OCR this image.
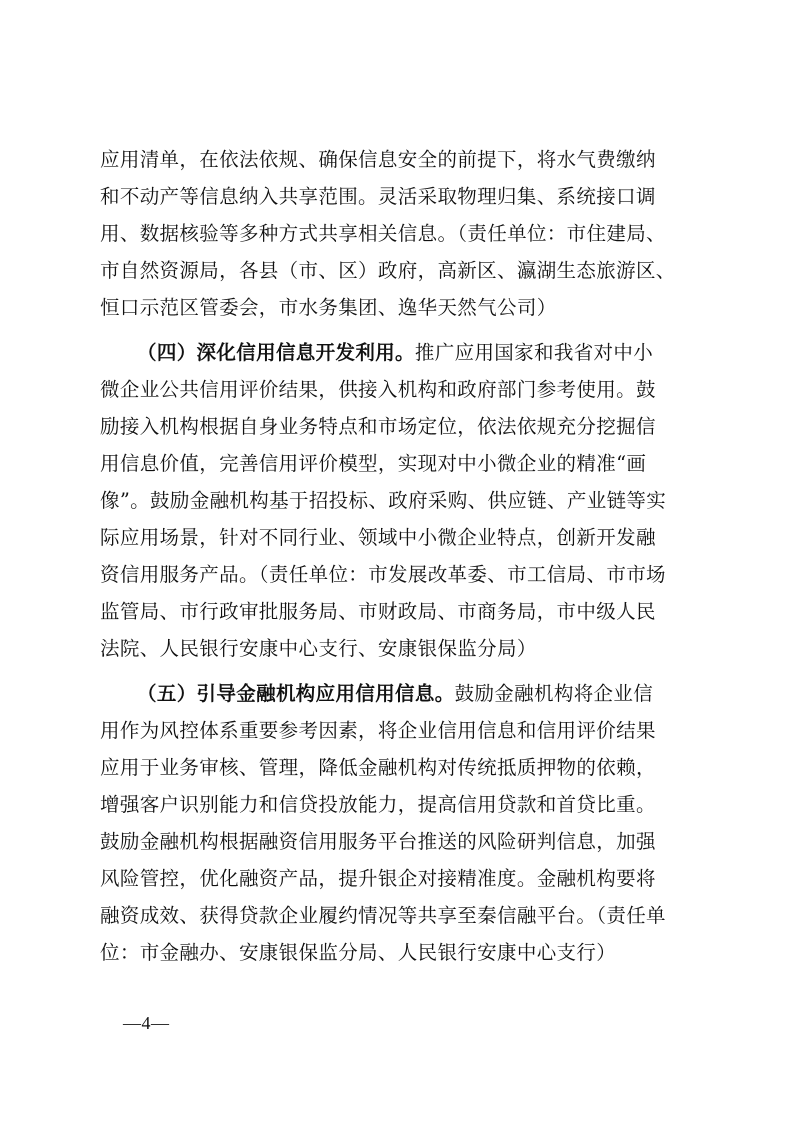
应用清单，在依法依规、确保信息安全的前提下，将水气费缴纳
和不动产等信息纳入共享范围。灵活采取物理归集、系统接口调
用、数据核验等多种方式共享相关信息。（责任单位：市住建局、
市自然资源局，各县（市、区）政府，高新区、瀛湖生态旅游区、
恒口示范区管委会，市水务集团、逸华天然气公司）
（四）深化信用信息开发利用。推广应用国家和我省对中小
微企业公共信用评价结果，供接入机构和政府部门参考使用。鼓
励接入机构根据自身业务特点和市场定位，依法依规充分挖掘信
用信息价值，完善信用评价模型，实现对中小微企业的精准“画
像”。鼓励金融机构基于招投标、政府采购、供应链、产业链等实
际应用场景，针对不同行业、领域中小微企业特点，创新开发融
资信用服务产品。（责任单位：市发展改革委、市工信局、市市场
监管局、市行政审批服务局、市财政局、市商务局，市中级人民
法院、人民银行安康中心支行、安康银保监分局）
（五）引导金融机构应用信用信息。鼓励金融机构将企业信
用作为风控体系重要参考因素，将企业信用信息和信用评价结果
应用于业务审核、管理，降低金融机构对传统抵质押物的依赖，
增强客户识别能力和信贷投放能力，提高信用贷款和首贷比重。
鼓励金融机构根据融资信用服务平台推送的风险研判信息，加强
风险管控，优化融资产品，提升银企对接精准度。金融机构要将
融资成效、获得贷款企业履约情况等共享至秦信融平台。（责任单
位：市金融办、安康银保监分局、人民银行安康中心支行）
—4—
